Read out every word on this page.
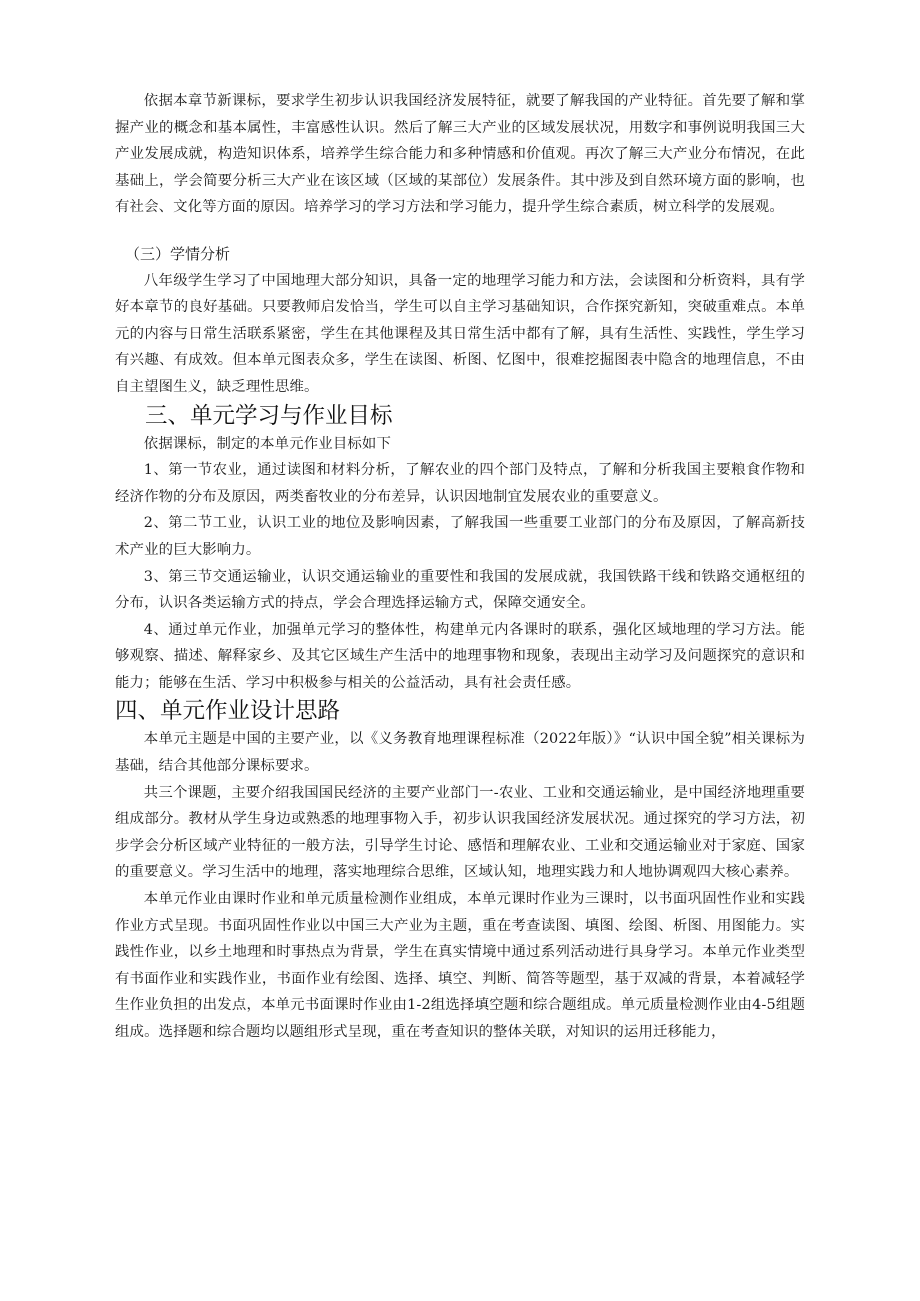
依据本章节新课标，要求学生初步认识我国经济发展特征，就要了解我国的产业特征。首先要了解和掌握产业的概念和基本属性，丰富感性认识。然后了解三大产业的区域发展状况，用数字和事例说明我国三大产业发展成就，构造知识体系，培养学生综合能力和多种情感和价值观。再次了解三大产业分布情况，在此基础上，学会简要分析三大产业在该区域（区域的某部位）发展条件。其中涉及到自然环境方面的影响，也有社会、文化等方面的原因。培养学习的学习方法和学习能力，提升学生综合素质，树立科学的发展观。

（三）学情分析

八年级学生学习了中国地理大部分知识，具备一定的地理学习能力和方法，会读图和分析资料，具有学好本章节的良好基础。只要教师启发恰当，学生可以自主学习基础知识，合作探究新知，突破重难点。本单元的内容与日常生活联系紧密，学生在其他课程及其日常生活中都有了解，具有生活性、实践性，学生学习有兴趣、有成效。但本单元图表众多，学生在读图、析图、忆图中，很难挖掘图表中隐含的地理信息，不由自主望图生义，缺乏理性思维。

三、单元学习与作业目标

依据课标，制定的本单元作业目标如下

1、第一节农业，通过读图和材料分析，了解农业的四个部门及特点，了解和分析我国主要粮食作物和经济作物的分布及原因，两类畜牧业的分布差异，认识因地制宜发展农业的重要意义。

2、第二节工业，认识工业的地位及影响因素，了解我国一些重要工业部门的分布及原因，了解高新技术产业的巨大影响力。

3、第三节交通运输业，认识交通运输业的重要性和我国的发展成就，我国铁路干线和铁路交通枢纽的分布，认识各类运输方式的持点，学会合理选择运输方式，保障交通安全。

4、通过单元作业，加强单元学习的整体性，构建单元内各课时的联系，强化区域地理的学习方法。能够观察、描述、解释家乡、及其它区域生产生活中的地理事物和现象，表现出主动学习及问题探究的意识和能力；能够在生活、学习中积极参与相关的公益活动，具有社会责任感。

四、单元作业设计思路

本单元主题是中国的主要产业，以《义务教育地理课程标准（2022年版）》“认识中国全貌”相关课标为基础，结合其他部分课标要求。

共三个课题，主要介绍我国国民经济的主要产业部门一-农业、工业和交通运输业，是中国经济地理重要组成部分。教材从学生身边或熟悉的地理事物入手，初步认识我国经济发展状况。通过探究的学习方法，初步学会分析区域产业特征的一般方法，引导学生讨论、感悟和理解农业、工业和交通运输业对于家庭、国家的重要意义。学习生活中的地理，落实地理综合思维，区域认知，地理实践力和人地协调观四大核心素养。

本单元作业由课时作业和单元质量检测作业组成，本单元课时作业为三课时，以书面巩固性作业和实践作业方式呈现。书面巩固性作业以中国三大产业为主题，重在考查读图、填图、绘图、析图、用图能力。实践性作业，以乡土地理和时事热点为背景，学生在真实情境中通过系列活动进行具身学习。本单元作业类型有书面作业和实践作业，书面作业有绘图、选择、填空、判断、简答等题型，基于双减的背景，本着减轻学生作业负担的出发点，本单元书面课时作业由1-2组选择填空题和综合题组成。单元质量检测作业由4-5组题组成。选择题和综合题均以题组形式呈现，重在考查知识的整体关联，对知识的运用迁移能力，
